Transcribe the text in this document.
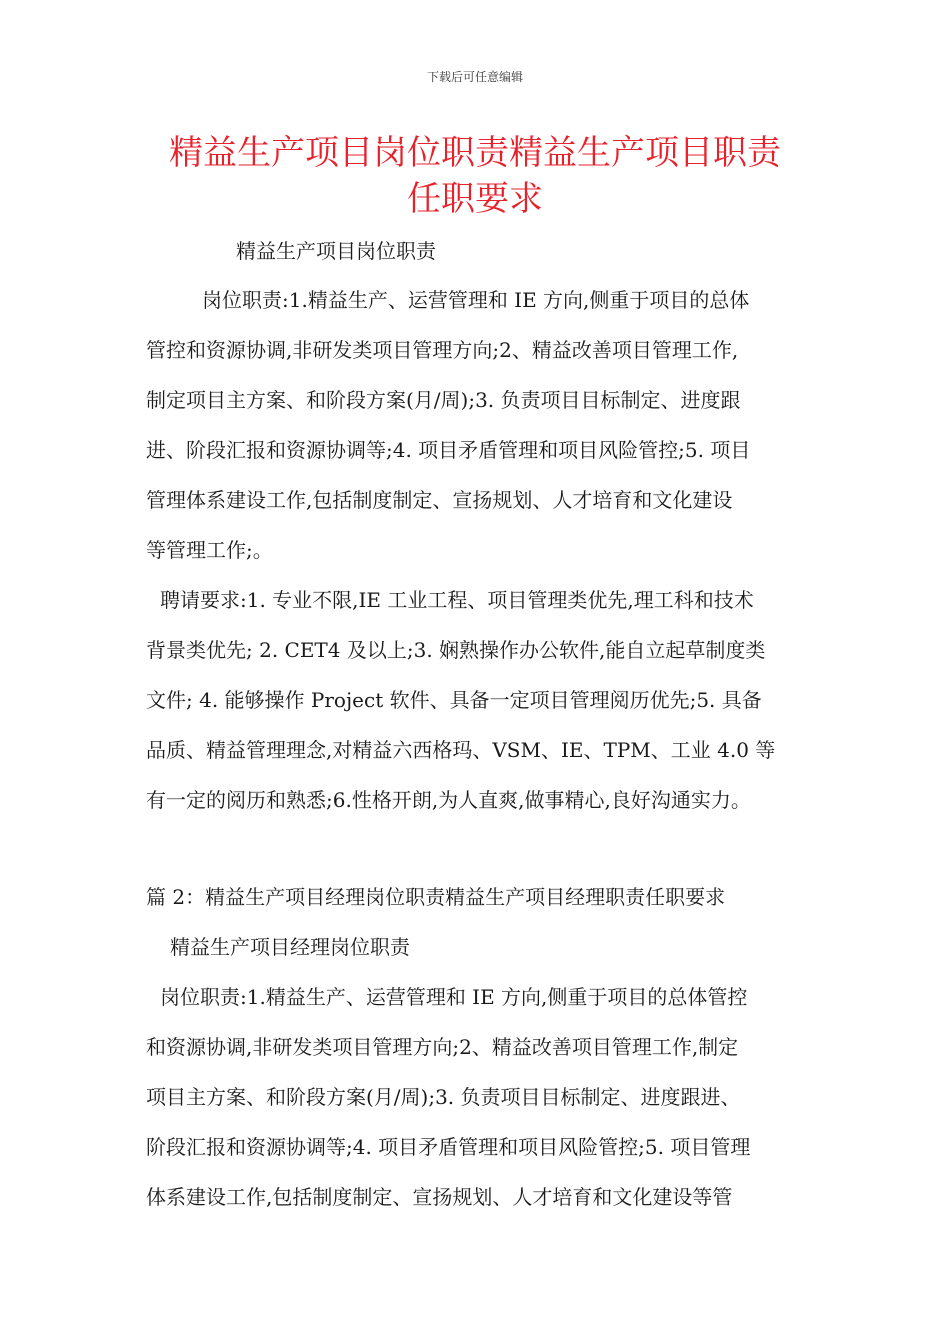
下载后可任意编辑
精益生产项目岗位职责精益生产项目职责
任职要求
精益生产项目岗位职责
岗位职责:1.精益生产、运营管理和 IE 方向,侧重于项目的总体
管控和资源协调,非研发类项目管理方向;2、精益改善项目管理工作,
制定项目主方案、和阶段方案(月/周);3. 负责项目目标制定、进度跟
进、阶段汇报和资源协调等;4. 项目矛盾管理和项目风险管控;5. 项目
管理体系建设工作,包括制度制定、宣扬规划、人才培育和文化建设
等管理工作;。
聘请要求:1. 专业不限,IE 工业工程、项目管理类优先,理工科和技术
背景类优先; 2. CET4 及以上;3. 娴熟操作办公软件,能自立起草制度类
文件; 4. 能够操作 Project 软件、具备一定项目管理阅历优先;5. 具备
品质、精益管理理念,对精益六西格玛、VSM、IE、TPM、工业 4.0 等
有一定的阅历和熟悉;6.性格开朗,为人直爽,做事精心,良好沟通实力。
篇 2：精益生产项目经理岗位职责精益生产项目经理职责任职要求
精益生产项目经理岗位职责
岗位职责:1.精益生产、运营管理和 IE 方向,侧重于项目的总体管控
和资源协调,非研发类项目管理方向;2、精益改善项目管理工作,制定
项目主方案、和阶段方案(月/周);3. 负责项目目标制定、进度跟进、
阶段汇报和资源协调等;4. 项目矛盾管理和项目风险管控;5. 项目管理
体系建设工作,包括制度制定、宣扬规划、人才培育和文化建设等管
